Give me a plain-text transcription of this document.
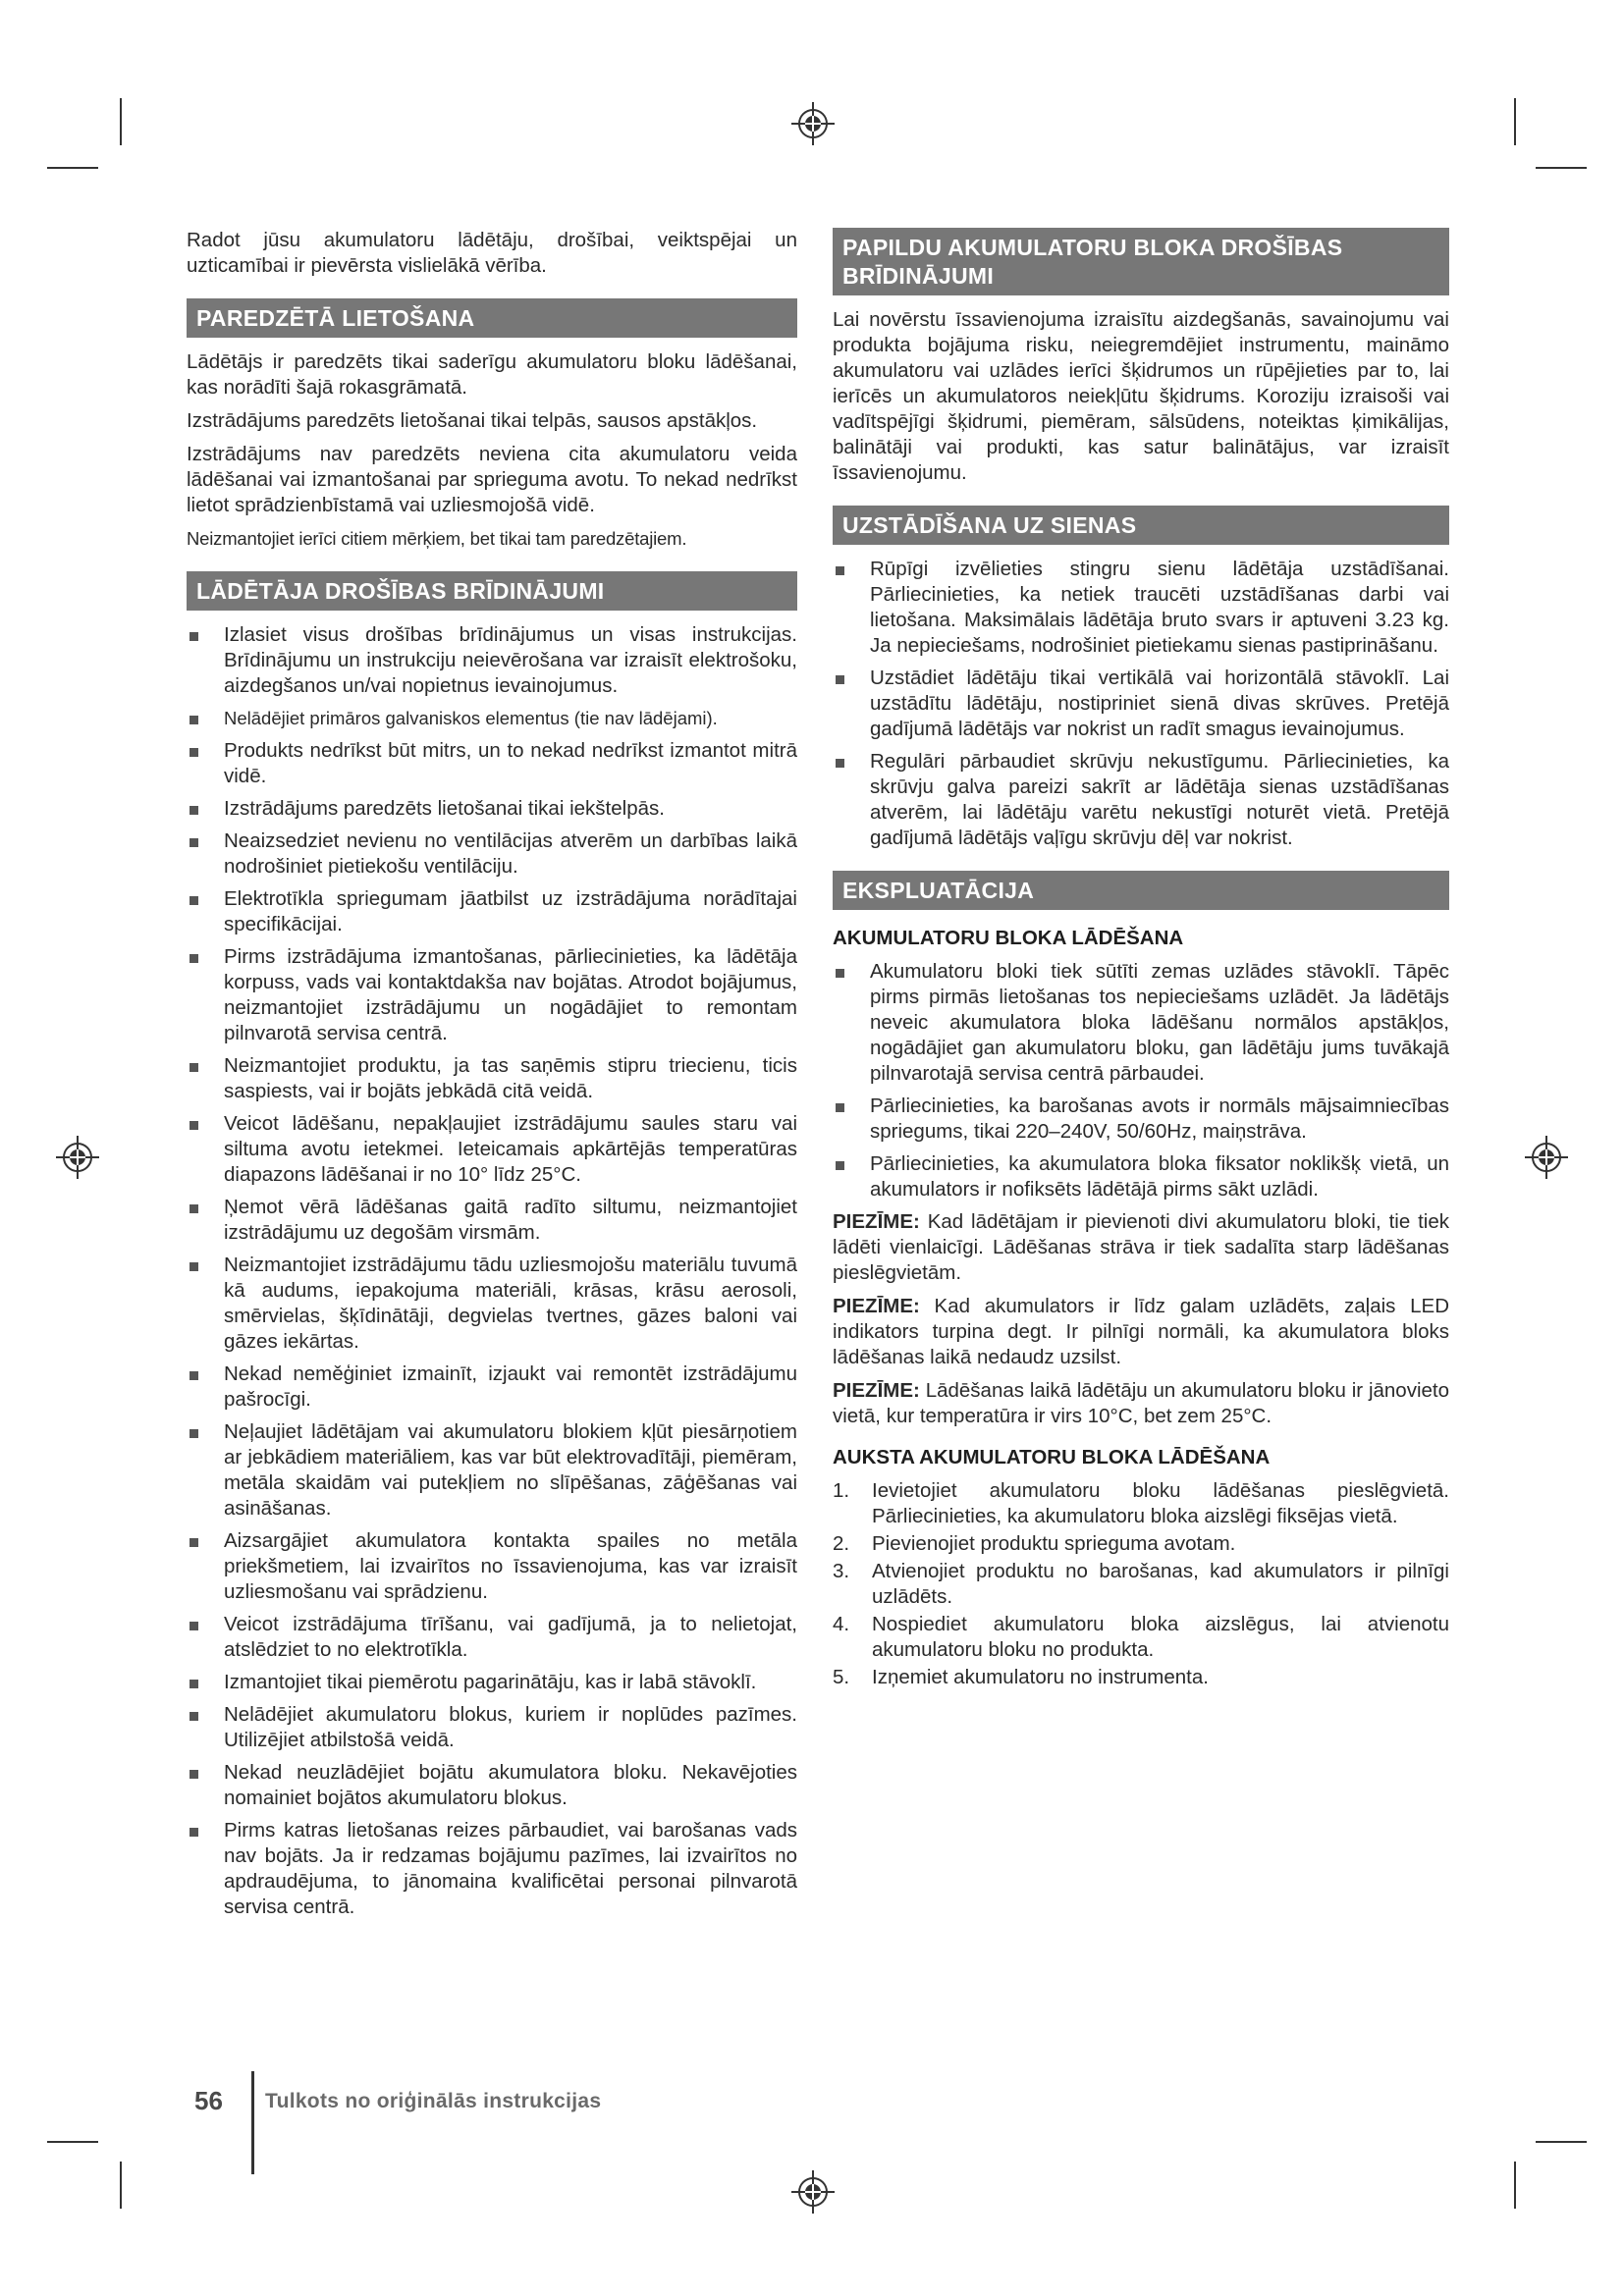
Radot jūsu akumulatoru lādētāju, drošībai, veiktspējai un uzticamībai ir pievērsta vislielākā vērība.

PAREDZĒTĀ LIETOŠANA

Lādētājs ir paredzēts tikai saderīgu akumulatoru bloku lādēšanai, kas norādīti šajā rokasgrāmatā.

Izstrādājums paredzēts lietošanai tikai telpās, sausos apstākļos.

Izstrādājums nav paredzēts neviena cita akumulatoru veida lādēšanai vai izmantošanai par sprieguma avotu. To nekad nedrīkst lietot sprādzienbīstamā vai uzliesmojošā vidē.

Neizmantojiet ierīci citiem mērķiem, bet tikai tam paredzētajiem.

LĀDĒTĀJA DROŠĪBAS BRĪDINĀJUMI
Izlasiet visus drošības brīdinājumus un visas instrukcijas. Brīdinājumu un instrukciju neievērošana var izraisīt elektrošoku, aizdegšanos un/vai nopietnus ievainojumus.
Nelādējiet primāros galvaniskos elementus (tie nav lādējami).
Produkts nedrīkst būt mitrs, un to nekad nedrīkst izmantot mitrā vidē.
Izstrādājums paredzēts lietošanai tikai iekštelpās.
Neaizsedziet nevienu no ventilācijas atverēm un darbības laikā nodrošiniet pietiekošu ventilāciju.
Elektrotīkla spriegumam jāatbilst uz izstrādājuma norādītajai specifikācijai.
Pirms izstrādājuma izmantošanas, pārliecinieties, ka lādētāja korpuss, vads vai kontaktdakša nav bojātas. Atrodot bojājumus, neizmantojiet izstrādājumu un nogādājiet to remontam pilnvarotā servisa centrā.
Neizmantojiet produktu, ja tas saņēmis stipru triecienu, ticis saspiests, vai ir bojāts jebkādā citā veidā.
Veicot lādēšanu, nepakļaujiet izstrādājumu saules staru vai siltuma avotu ietekmei. Ieteicamais apkārtējās temperatūras diapazons lādēšanai ir no 10° līdz 25°C.
Ņemot vērā lādēšanas gaitā radīto siltumu, neizmantojiet izstrādājumu uz degošām virsmām.
Neizmantojiet izstrādājumu tādu uzliesmojošu materiālu tuvumā kā audums, iepakojuma materiāli, krāsas, krāsu aerosoli, smērvielas, šķīdinātāji, degvielas tvertnes, gāzes baloni vai gāzes iekārtas.
Nekad neměģiniet izmainīt, izjaukt vai remontēt izstrādājumu pašrocīgi.
Neļaujiet lādētājam vai akumulatoru blokiem kļūt piesārņotiem ar jebkādiem materiāliem, kas var būt elektrovadītāji, piemēram, metāla skaidām vai putekļiem no slīpēšanas, zāģēšanas vai asināšanas.
Aizsargājiet akumulatora kontakta spailes no metāla priekšmetiem, lai izvairītos no īssavienojuma, kas var izraisīt uzliesmošanu vai sprādzienu.
Veicot izstrādājuma tīrīšanu, vai gadījumā, ja to nelietojat, atslēdziet to no elektrotīkla.
Izmantojiet tikai piemērotu pagarinātāju, kas ir labā stāvoklī.
Nelādējiet akumulatoru blokus, kuriem ir noplūdes pazīmes. Utilizējiet atbilstošā veidā.
Nekad neuzlādējiet bojātu akumulatora bloku. Nekavējoties nomainiet bojātos akumulatoru blokus.
Pirms katras lietošanas reizes pārbaudiet, vai barošanas vads nav bojāts. Ja ir redzamas bojājumu pazīmes, lai izvairītos no apdraudējuma, to jānomaina kvalificētai personai pilnvarotā servisa centrā.
PAPILDU AKUMULATORU BLOKA DROŠĪBAS
BRĪDINĀJUMI

Lai novērstu īssavienojuma izraisītu aizdegšanās, savainojumu vai produkta bojājuma risku, neiegremdējiet instrumentu, maināmo akumulatoru vai uzlādes ierīci šķidrumos un rūpējieties par to, lai ierīcēs un akumulatoros neiekļūtu šķidrums. Koroziju izraisoši vai vadītspējīgi šķidrumi, piemēram, sālsūdens, noteiktas ķimikālijas, balinātāji vai produkti, kas satur balinātājus, var izraisīt īssavienojumu.

UZSTĀDĪŠANA UZ SIENAS
Rūpīgi izvēlieties stingru sienu lādētāja uzstādīšanai. Pārliecinieties, ka netiek traucēti uzstādīšanas darbi vai lietošana. Maksimālais lādētāja bruto svars ir aptuveni 3.23 kg. Ja nepieciešams, nodrošiniet pietiekamu sienas pastiprināšanu.
Uzstādiet lādētāju tikai vertikālā vai horizontālā stāvoklī. Lai uzstādītu lādētāju, nostipriniet sienā divas skrūves. Pretējā gadījumā lādētājs var nokrist un radīt smagus ievainojumus.
Regulāri pārbaudiet skrūvju nekustīgumu. Pārliecinieties, ka skrūvju galva pareizi sakrīt ar lādētāja sienas uzstādīšanas atverēm, lai lādētāju varētu nekustīgi noturēt vietā. Pretējā gadījumā lādētājs vaļīgu skrūvju dēļ var nokrist.
EKSPLUATĀCIJA
AKUMULATORU BLOKA LĀDĒŠANA
Akumulatoru bloki tiek sūtīti zemas uzlādes stāvoklī. Tāpēc pirms pirmās lietošanas tos nepieciešams uzlādēt. Ja lādētājs neveic akumulatora bloka lādēšanu normālos apstākļos, nogādājiet gan akumulatoru bloku, gan lādētāju jums tuvākajā pilnvarotajā servisa centrā pārbaudei.
Pārliecinieties, ka barošanas avots ir normāls mājsaimniecības spriegums, tikai 220–240V, 50/60Hz, maiņstrāva.
Pārliecinieties, ka akumulatora bloka fiksator noklikšķ vietā, un akumulators ir nofiksēts lādētājā pirms sākt uzlādi.

PIEZĪME: Kad lādētājam ir pievienoti divi akumulatoru bloki, tie tiek lādēti vienlaicīgi. Lādēšanas strāva ir tiek sadalīta starp lādēšanas pieslēgvietām.

PIEZĪME: Kad akumulators ir līdz galam uzlādēts, zaļais LED indikators turpina degt. Ir pilnīgi normāli, ka akumulatora bloks lādēšanas laikā nedaudz uzsilst.

PIEZĪME: Lādēšanas laikā lādētāju un akumulatoru bloku ir jānovieto vietā, kur temperatūra ir virs 10°C, bet zem 25°C.

AUKSTA AKUMULATORU BLOKA LĀDĒŠANA
1. Ievietojiet akumulatoru bloku lādēšanas pieslēgvietā. Pārliecinieties, ka akumulatoru bloka aizslēgi fiksējas vietā.
2. Pievienojiet produktu sprieguma avotam.
3. Atvienojiet produktu no barošanas, kad akumulators ir pilnīgi uzlādēts.
4. Nospiediet akumulatoru bloka aizslēgus, lai atvienotu akumulatoru bloku no produkta.
5. Izņemiet akumulatoru no instrumenta.
56 Tulkots no oriģinālās instrukcijas
